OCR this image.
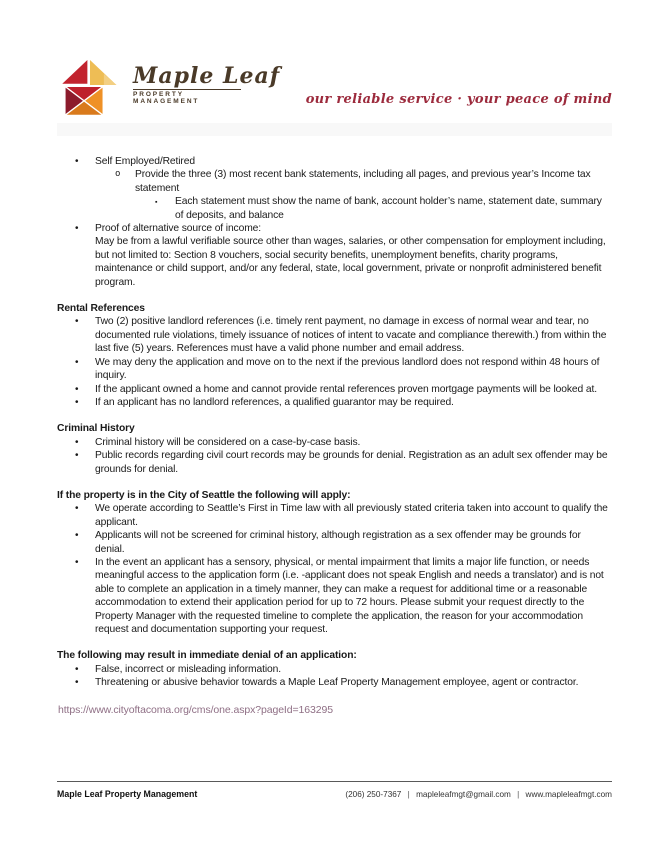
Maple Leaf
PROPERTY MANAGEMENT	our reliable service · your peace of mind
•	Self Employed/Retired
o	Provide the three (3) most recent bank statements, including all pages, and previous year’s Income tax statement
▪	Each statement must show the name of bank, account holder’s name, statement date, summary of deposits, and balance
•	Proof of alternative source of income:
May be from a lawful verifiable source other than wages, salaries, or other compensation for employment including, but not limited to: Section 8 vouchers, social security benefits, unemployment benefits, charity programs, maintenance or child support, and/or any federal, state, local government, private or nonprofit administered benefit program.
Rental References
•	Two (2) positive landlord references (i.e. timely rent payment, no damage in excess of normal wear and tear, no documented rule violations, timely issuance of notices of intent to vacate and compliance therewith.) from within the last five (5) years. References must have a valid phone number and email address.
•	We may deny the application and move on to the next if the previous landlord does not respond within 48 hours of inquiry.
•	If the applicant owned a home and cannot provide rental references proven mortgage payments will be looked at.
•	If an applicant has no landlord references, a qualified guarantor may be required.
Criminal History
•	Criminal history will be considered on a case-by-case basis.
•	Public records regarding civil court records may be grounds for denial. Registration as an adult sex offender may be grounds for denial.
If the property is in the City of Seattle the following will apply:
•	We operate according to Seattle’s First in Time law with all previously stated criteria taken into account to qualify the applicant.
•	Applicants will not be screened for criminal history, although registration as a sex offender may be grounds for denial.
•	In the event an applicant has a sensory, physical, or mental impairment that limits a major life function, or needs meaningful access to the application form (i.e. -applicant does not speak English and needs a translator) and is not able to complete an application in a timely manner, they can make a request for additional time or a reasonable accommodation to extend their application period for up to 72 hours. Please submit your request directly to the Property Manager with the requested timeline to complete the application, the reason for your accommodation request and documentation supporting your request.
The following may result in immediate denial of an application:
•	False, incorrect or misleading information.
•	Threatening or abusive behavior towards a Maple Leaf Property Management employee, agent or contractor.
https://www.cityoftacoma.org/cms/one.aspx?pageId=163295
Maple Leaf Property Management	(206) 250-7367 | mapleleafmgt@gmail.com | www.mapleleafmgt.com
